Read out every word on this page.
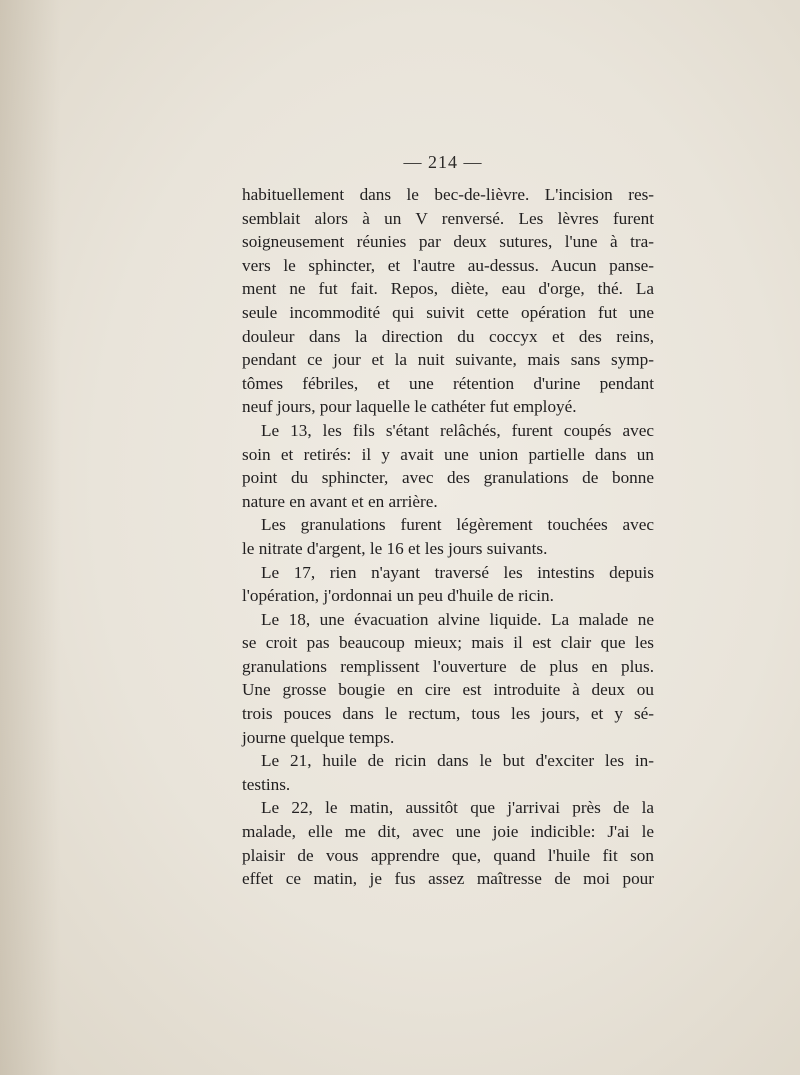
— 214 —
habituellement dans le bec-de-lièvre. L'incision res-
semblait alors à un V renversé. Les lèvres furent
soigneusement réunies par deux sutures, l'une à tra-
vers le sphincter, et l'autre au-dessus. Aucun panse-
ment ne fut fait. Repos, diète, eau d'orge, thé. La
seule incommodité qui suivit cette opération fut une
douleur dans la direction du coccyx et des reins,
pendant ce jour et la nuit suivante, mais sans symp-
tômes fébriles, et une rétention d'urine pendant
neuf jours, pour laquelle le cathéter fut employé.
Le 13, les fils s'étant relâchés, furent coupés avec
soin et retirés: il y avait une union partielle dans un
point du sphincter, avec des granulations de bonne
nature en avant et en arrière.
Les granulations furent légèrement touchées avec
le nitrate d'argent, le 16 et les jours suivants.
Le 17, rien n'ayant traversé les intestins depuis
l'opération, j'ordonnai un peu d'huile de ricin.
Le 18, une évacuation alvine liquide. La malade ne
se croit pas beaucoup mieux; mais il est clair que les
granulations remplissent l'ouverture de plus en plus.
Une grosse bougie en cire est introduite à deux ou
trois pouces dans le rectum, tous les jours, et y sé-
journe quelque temps.
Le 21, huile de ricin dans le but d'exciter les in-
testins.
Le 22, le matin, aussitôt que j'arrivai près de la
malade, elle me dit, avec une joie indicible: J'ai le
plaisir de vous apprendre que, quand l'huile fit son
effet ce matin, je fus assez maîtresse de moi pour
